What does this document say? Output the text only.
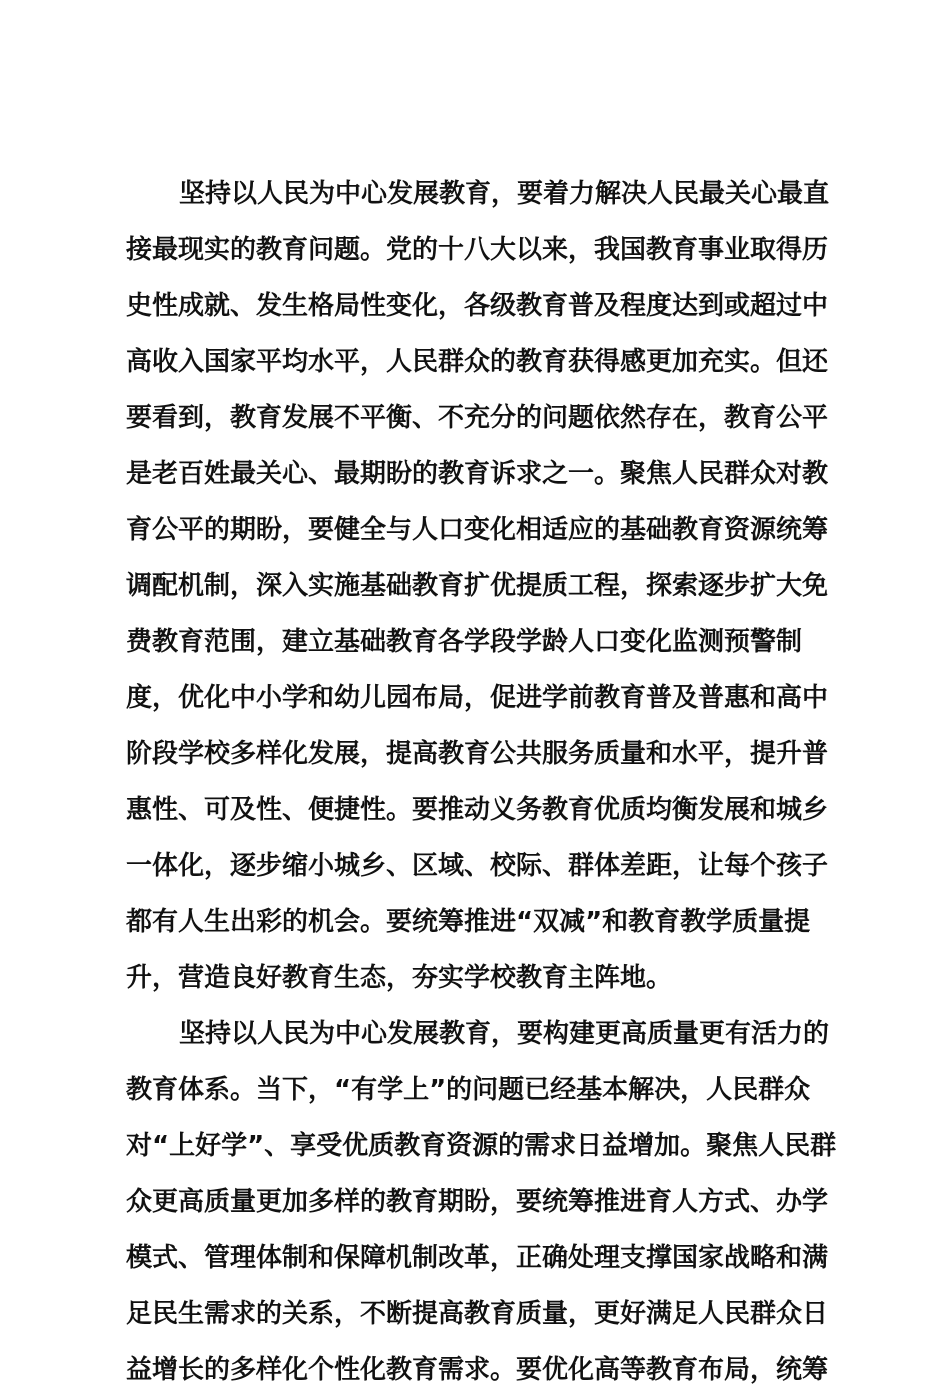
坚持以人民为中心发展教育，要着力解决人民最关心最直
接最现实的教育问题。党的十八大以来，我国教育事业取得历
史性成就、发生格局性变化，各级教育普及程度达到或超过中
高收入国家平均水平，人民群众的教育获得感更加充实。但还
要看到，教育发展不平衡、不充分的问题依然存在，教育公平
是老百姓最关心、最期盼的教育诉求之一。聚焦人民群众对教
育公平的期盼，要健全与人口变化相适应的基础教育资源统筹
调配机制，深入实施基础教育扩优提质工程，探索逐步扩大免
费教育范围，建立基础教育各学段学龄人口变化监测预警制
度，优化中小学和幼儿园布局，促进学前教育普及普惠和高中
阶段学校多样化发展，提高教育公共服务质量和水平，提升普
惠性、可及性、便捷性。要推动义务教育优质均衡发展和城乡
一体化，逐步缩小城乡、区域、校际、群体差距，让每个孩子
都有人生出彩的机会。要统筹推进“双减”和教育教学质量提
升，营造良好教育生态，夯实学校教育主阵地。

坚持以人民为中心发展教育，要构建更高质量更有活力的
教育体系。当下，“有学上”的问题已经基本解决，人民群众
对“上好学”、享受优质教育资源的需求日益增加。聚焦人民群
众更高质量更加多样的教育期盼，要统筹推进育人方式、办学
模式、管理体制和保障机制改革，正确处理支撑国家战略和满
足民生需求的关系，不断提高教育质量，更好满足人民群众日
益增长的多样化个性化教育需求。要优化高等教育布局，统筹
